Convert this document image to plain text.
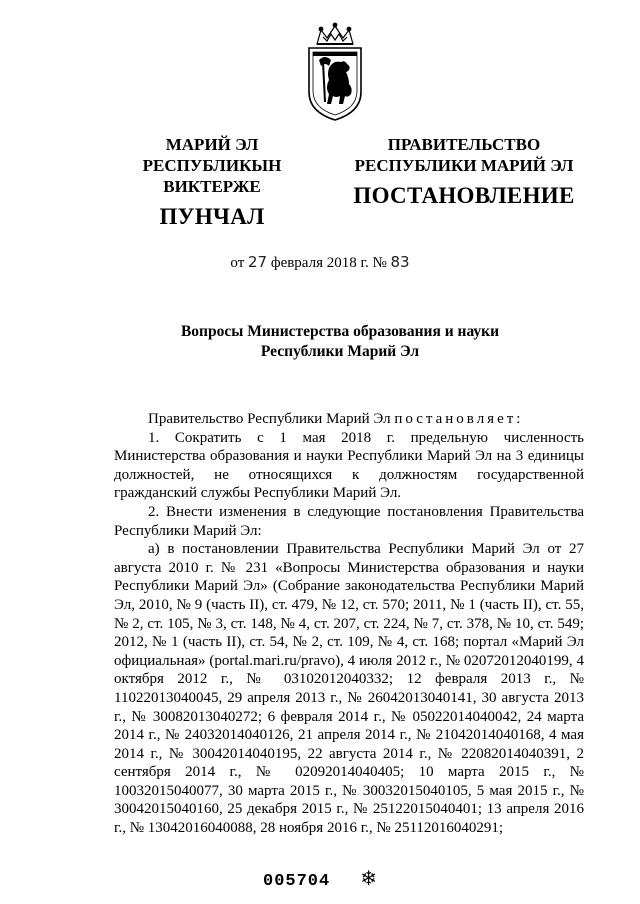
МАРИЙ ЭЛ РЕСПУБЛИКЫН
ВИКТЕРЖЕ
ПУНЧАЛ
ПРАВИТЕЛЬСТВО
РЕСПУБЛИКИ МАРИЙ ЭЛ
ПОСТАНОВЛЕНИЕ
от 27 февраля 2018 г. № 83
Вопросы Министерства образования и науки
Республики Марий Эл

Правительство Республики Марий Эл постановляет:

1. Сократить с 1 мая 2018 г. предельную численность Министерства образования и науки Республики Марий Эл на 3 единицы должностей, не относящихся к должностям государственной гражданский службы Республики Марий Эл.

2. Внести изменения в следующие постановления Правительства Республики Марий Эл:

а) в постановлении Правительства Республики Марий Эл от 27 августа 2010 г. № 231 «Вопросы Министерства образования и науки Республики Марий Эл» (Собрание законодательства Республики Марий Эл, 2010, № 9 (часть II), ст. 479, № 12, ст. 570; 2011, № 1 (часть II), ст. 55, № 2, ст. 105, № 3, ст. 148, № 4, ст. 207, ст. 224, № 7, ст. 378, № 10, ст. 549; 2012, № 1 (часть II), ст. 54, № 2, ст. 109, № 4, ст. 168; портал «Марий Эл официальная» (portal.mari.ru/pravo), 4 июля 2012 г., № 02072012040199, 4 октября 2012 г., № 03102012040332; 12 февраля 2013 г., № 11022013040045, 29 апреля 2013 г., № 26042013040141, 30 августа 2013 г., № 30082013040272; 6 февраля 2014 г., № 05022014040042, 24 марта 2014 г., № 24032014040126, 21 апреля 2014 г., № 21042014040168, 4 мая 2014 г., № 30042014040195, 22 августа 2014 г., № 22082014040391, 2 сентября 2014 г., № 02092014040405; 10 марта 2015 г., № 10032015040077, 30 марта 2015 г., № 30032015040105, 5 мая 2015 г., № 30042015040160, 25 декабря 2015 г., № 25122015040401; 13 апреля 2016 г., № 13042016040088, 28 ноября 2016 г., № 25112016040291;

005704 ❄
